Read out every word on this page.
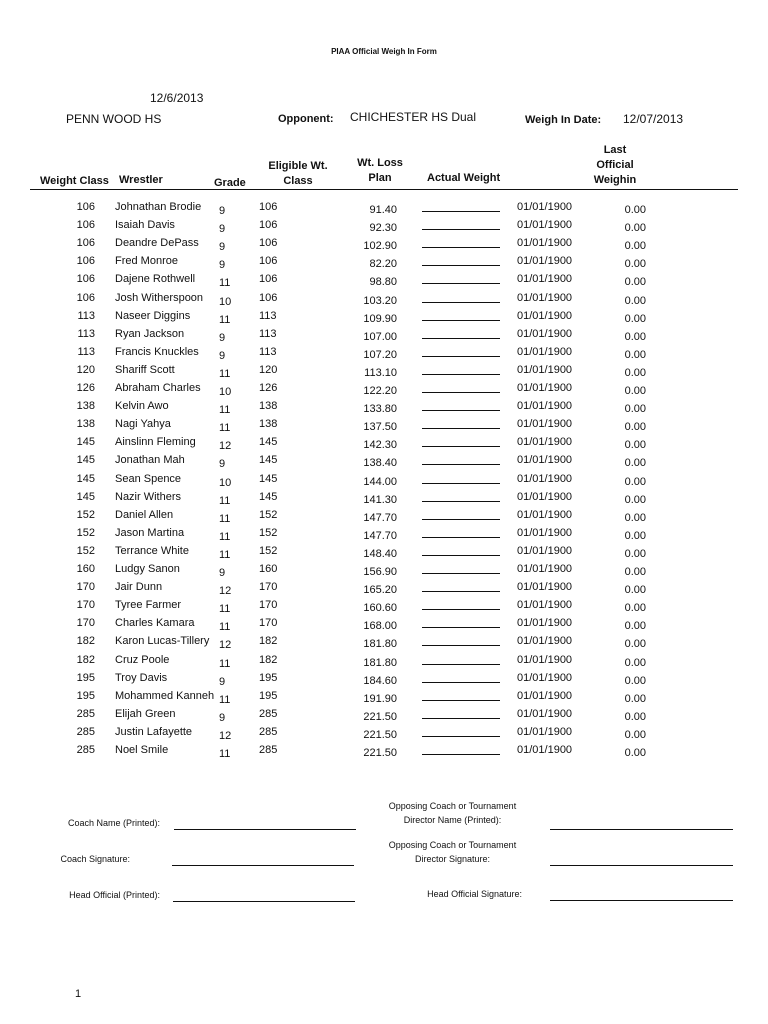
PIAA Official Weigh In Form
12/6/2013
PENN WOOD HS	Opponent: CHICHESTER HS Dual	Weigh In Date: 12/07/2013
Weight Class Wrestler	Grade
Eligible Wt.
Class
Wt. Loss
Plan	Actual Weight
Last
Official
Weighin
106 Johnathan Brodie 9	106	91.40	01/01/1900	0.00
106 Isaiah Davis	9	106	92.30	01/01/1900	0.00
106 Deandre DePass 9	106	102.90	01/01/1900	0.00
106 Fred Monroe	9	106	82.20	01/01/1900	0.00
106 Dajene Rothwell 11	106	98.80	01/01/1900	0.00
106 Josh Witherspoon 10	106	103.20	01/01/1900	0.00
113 Naseer Diggins	11	113	109.90	01/01/1900	0.00
113 Ryan Jackson	9	113	107.00	01/01/1900	0.00
113 Francis Knuckles 9	113	107.20	01/01/1900	0.00
120 Shariff Scott	11	120	113.10	01/01/1900	0.00
126 Abraham Charles 10	126	122.20	01/01/1900	0.00
138 Kelvin Awo	11	138	133.80	01/01/1900	0.00
138 Nagi Yahya	11	138	137.50	01/01/1900	0.00
145 Ainslinn Fleming 12	145	142.30	01/01/1900	0.00
145 Jonathan Mah	9	145	138.40	01/01/1900	0.00
145 Sean Spence	10	145	144.00	01/01/1900	0.00
145 Nazir Withers	11	145	141.30	01/01/1900	0.00
152 Daniel Allen	11	152	147.70	01/01/1900	0.00
152 Jason Martina	11	152	147.70	01/01/1900	0.00
152 Terrance White	11	152	148.40	01/01/1900	0.00
160 Ludgy Sanon	9	160	156.90	01/01/1900	0.00
170 Jair Dunn	12	170	165.20	01/01/1900	0.00
170 Tyree Farmer	11	170	160.60	01/01/1900	0.00
170 Charles Kamara 11	170	168.00	01/01/1900	0.00
182 Karon Lucas-Tillery 12	182	181.80	01/01/1900	0.00
182 Cruz Poole	11	182	181.80	01/01/1900	0.00
195 Troy Davis	9	195	184.60	01/01/1900	0.00
195 Mohammed Kanneh 11	195	191.90	01/01/1900	0.00
285 Elijah Green	9	285	221.50	01/01/1900	0.00
285 Justin Lafayette 12	285	221.50	01/01/1900	0.00
285 Noel Smile	11	285	221.50	01/01/1900	0.00
Coach Name (Printed):
Opposing Coach or Tournament
Director Name (Printed):
Coach Signature:
Opposing Coach or Tournament
Director Signature:
Head Official (Printed):	Head Official Signature:
1
